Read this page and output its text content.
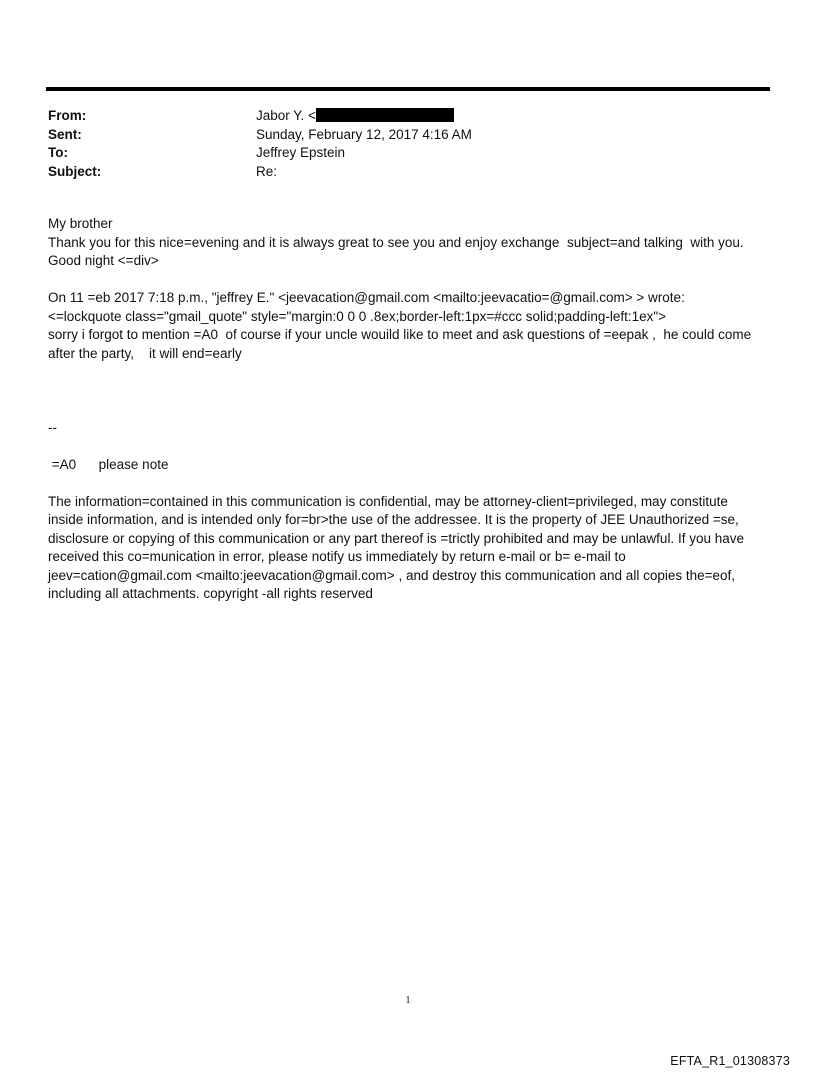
From:	Jabor Y. <
Sent:	Sunday, February 12, 2017 4:16 AM
To:	Jeffrey Epstein
Subject:	Re:

My brother

Thank you for this nice=evening and it is always great to see you and enjoy exchange  subject=and talking  with you.

Good night <=div>

On 11 =eb 2017 7:18 p.m., "jeffrey E." <jeevacation@gmail.com <mailto:jeevacatio=@gmail.com> > wrote:

<=lockquote class="gmail_quote" style="margin:0 0 0 .8ex;border-left:1px=#ccc solid;padding-left:1ex">

sorry i forgot to mention =A0  of course if your uncle wouild like to meet and ask questions of =eepak ,  he could come

after the party,    it will end=early

--

=A0      please note

The information=contained in this communication is confidential, may be attorney-client=privileged, may constitute

inside information, and is intended only for=br>the use of the addressee. It is the property of JEE Unauthorized =se,

disclosure or copying of this communication or any part thereof is =trictly prohibited and may be unlawful. If you have

received this co=munication in error, please notify us immediately by return e-mail or b= e-mail to

jeev=cation@gmail.com <mailto:jeevacation@gmail.com> , and destroy this communication and all copies the=eof,

including all attachments. copyright -all rights reserved

1
EFTA_R1_01308373
